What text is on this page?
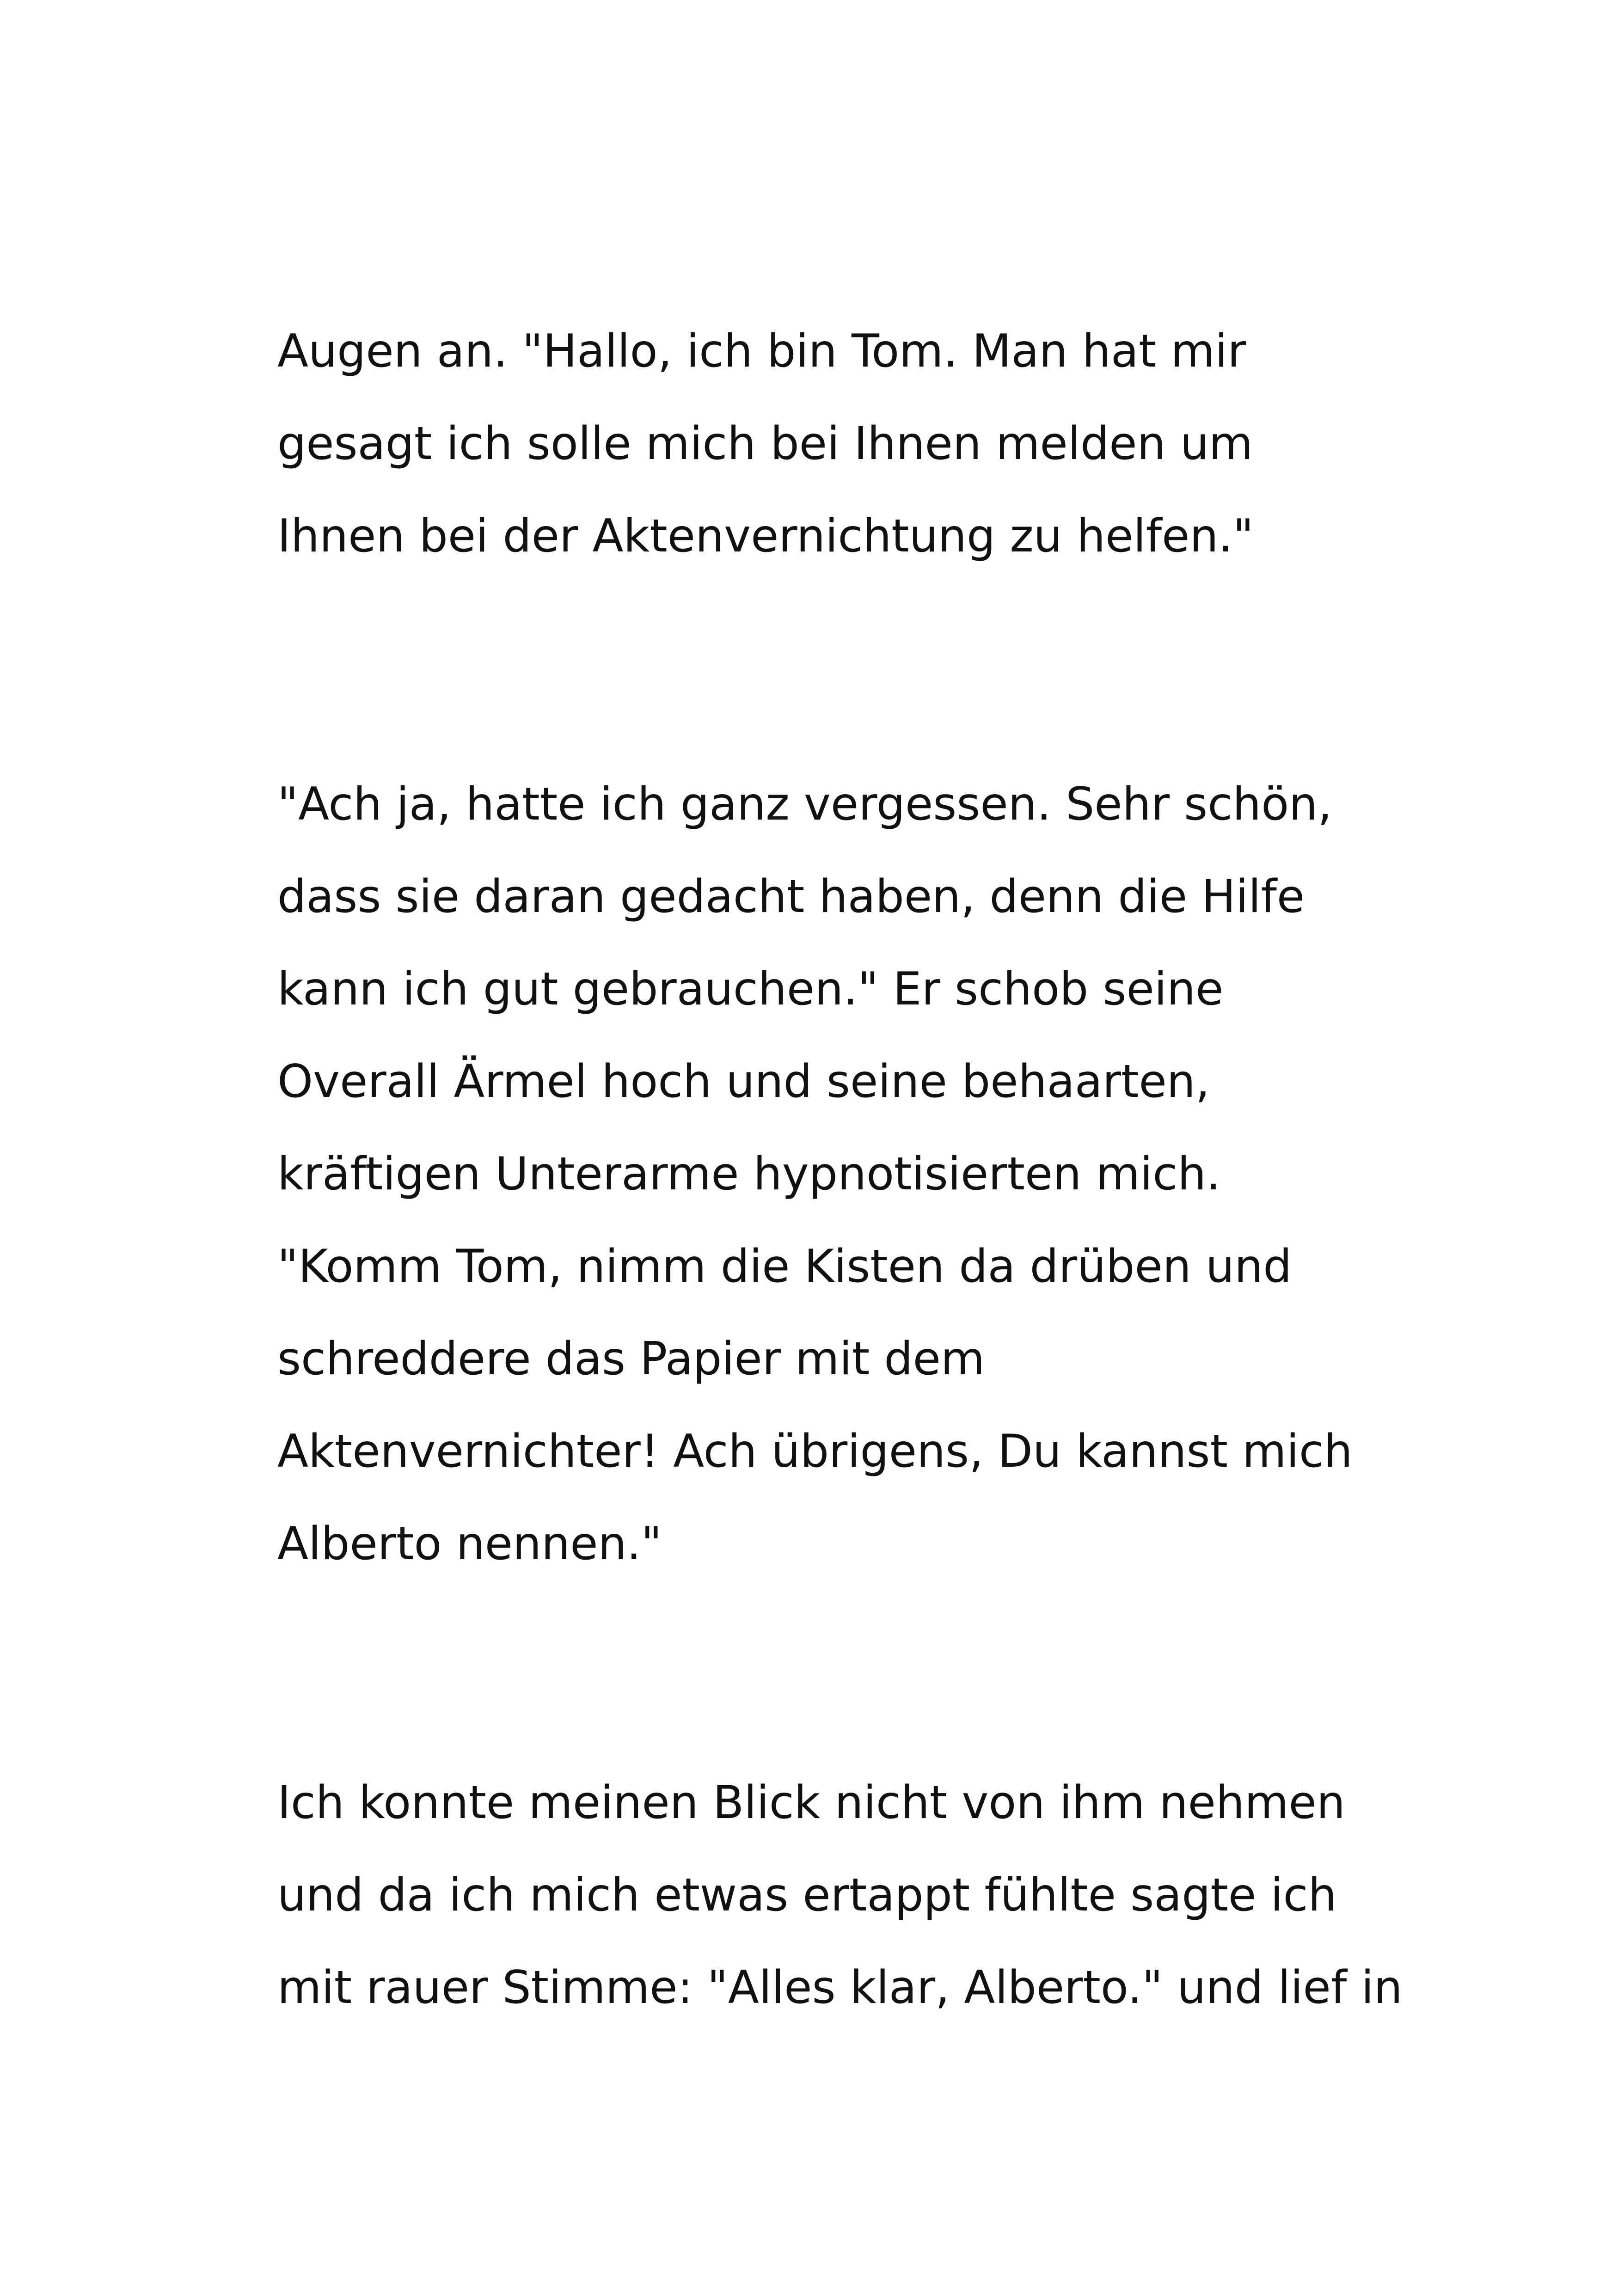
Augen an. "Hallo, ich bin Tom. Man hat mir
gesagt ich solle mich bei Ihnen melden um
Ihnen bei der Aktenvernichtung zu helfen."
"Ach ja, hatte ich ganz vergessen. Sehr schön,
dass sie daran gedacht haben, denn die Hilfe
kann ich gut gebrauchen." Er schob seine
Overall Ärmel hoch und seine behaarten,
kräftigen Unterarme hypnotisierten mich.
"Komm Tom, nimm die Kisten da drüben und
schreddere das Papier mit dem
Aktenvernichter! Ach übrigens, Du kannst mich
Alberto nennen."
Ich konnte meinen Blick nicht von ihm nehmen
und da ich mich etwas ertappt fühlte sagte ich
mit rauer Stimme: "Alles klar, Alberto." und lief in
